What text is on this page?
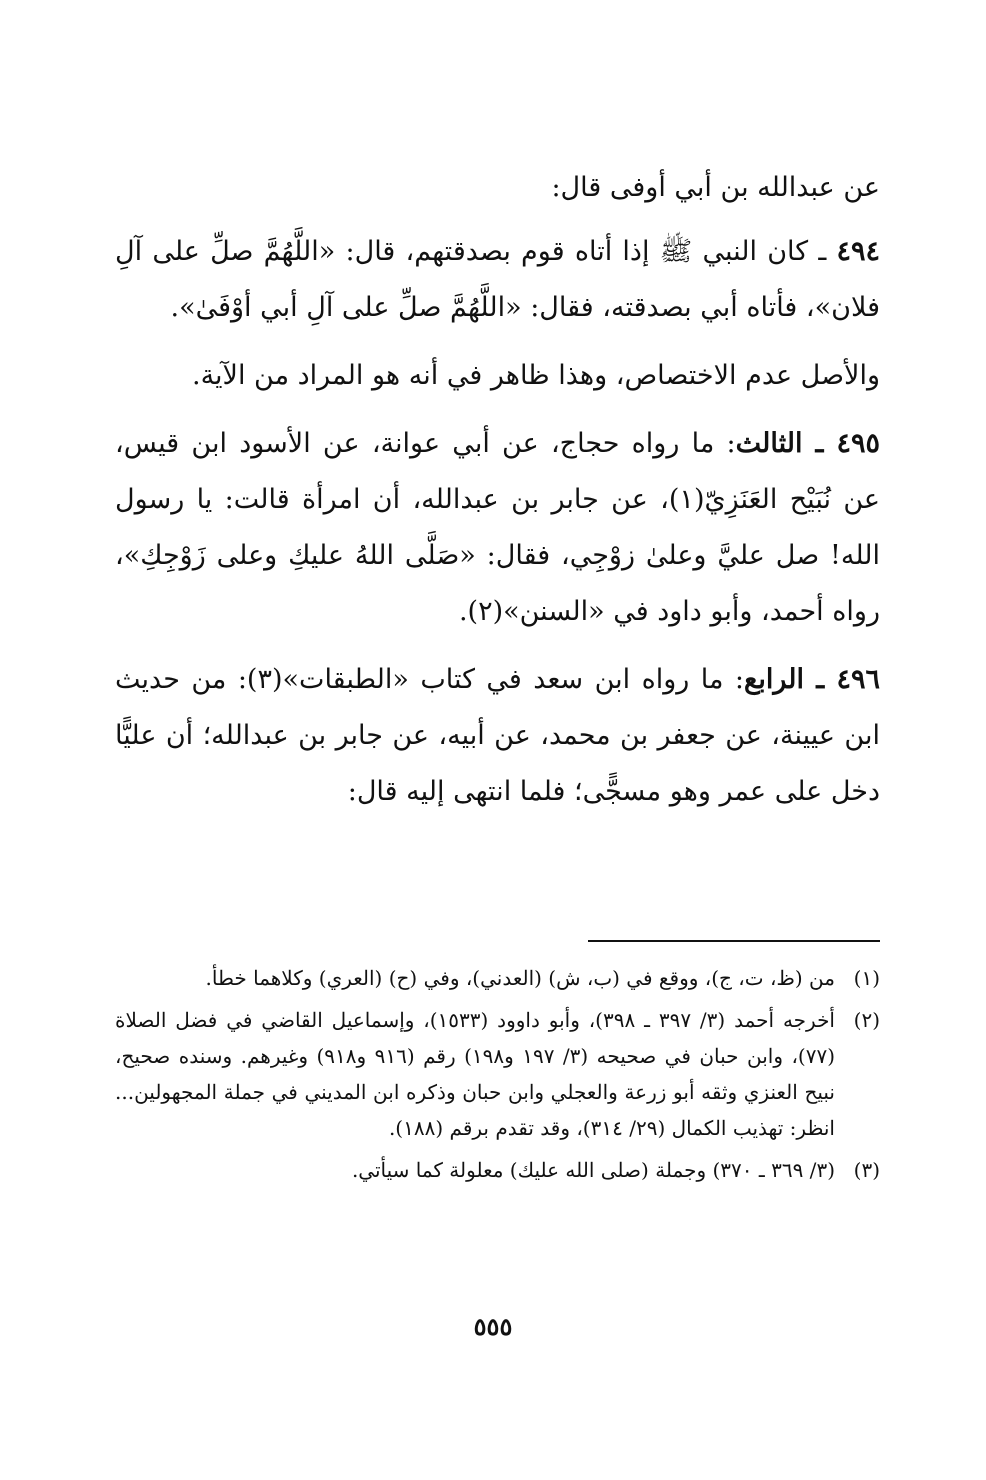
عن عبدالله بن أبي أوفى قال:

٤٩٤ ـ كان النبي ﷺ إذا أتاه قوم بصدقتهم، قال: «اللَّهُمَّ صلِّ على آلِ فلان»، فأتاه أبي بصدقته، فقال: «اللَّهُمَّ صلِّ على آلِ أبي أوْفَىٰ».

والأصل عدم الاختصاص، وهذا ظاهر في أنه هو المراد من الآية.

٤٩٥ ـ الثالث: ما رواه حجاج، عن أبي عوانة، عن الأسود ابن قيس، عن نُبَيْح العَنَزِيّ(١)، عن جابر بن عبدالله، أن امرأة قالت: يا رسول الله! صل عليَّ وعلىٰ زوْجِي، فقال: «صَلَّى اللهُ عليكِ وعلى زَوْجِكِ»، رواه أحمد، وأبو داود في «السنن»(٢).

٤٩٦ ـ الرابع: ما رواه ابن سعد في كتاب «الطبقات»(٣): من حديث ابن عيينة، عن جعفر بن محمد، عن أبيه، عن جابر بن عبدالله؛ أن عليًّا دخل على عمر وهو مسجًّى؛ فلما انتهى إليه قال:

(١)
من (ظ، ت، ج)، ووقع في (ب، ش) (العدني)، وفي (ح) (العري) وكلاهما خطأ.
(٢)
أخرجه أحمد (٣/ ٣٩٧ ـ ٣٩٨)، وأبو داوود (١٥٣٣)، وإسماعيل القاضي في فضل الصلاة (٧٧)، وابن حبان في صحيحه (٣/ ١٩٧ و١٩٨) رقم (٩١٦ و٩١٨) وغيرهم. وسنده صحيح، نبيح العنزي وثقه أبو زرعة والعجلي وابن حبان وذكره ابن المديني في جملة المجهولين... انظر: تهذيب الكمال (٢٩/ ٣١٤)، وقد تقدم برقم (١٨٨).
(٣)
(٣/ ٣٦٩ ـ ٣٧٠) وجملة (صلى الله عليك) معلولة كما سيأتي.
٥٥٥
